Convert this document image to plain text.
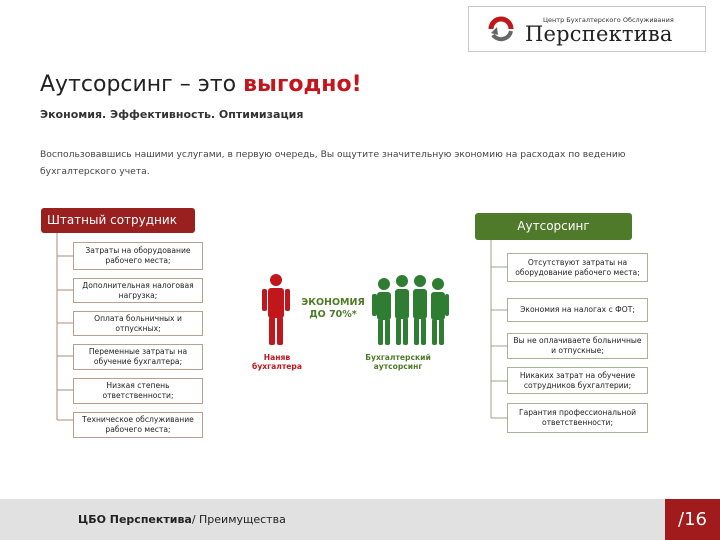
Центр Бухгалтерского Обслуживания
Перспектива
Аутсорсинг – это выгодно!
Экономия. Эффективность. Оптимизация
Воспользовавшись нашими услугами, в первую очередь, Вы ощутите значительную экономию на расходах по ведению бухгалтерского учета.
Штатный сотрудник	Аутсорсинг
Затраты на оборудование рабочего места;
Дополнительная налоговая нагрузка;
Оплата больничных и отпускных;
Переменные затраты на обучение бухгалтера;
Низкая степень ответственности;
Техническое обслуживание рабочего места;
Отсутствуют затраты на оборудование рабочего места;
Экономия на налогах с ФОТ;
Вы не оплачиваете больничные и отпускные;
Никаких затрат на обучение сотрудников бухгалтерии;
Гарантия профессиональной ответственности;
ЭКОНОМИЯ
ДО 70%*
Наняв бухгалтера
Бухгалтерский аутсорсинг
ЦБО Перспектива/ Преимущества	/16
